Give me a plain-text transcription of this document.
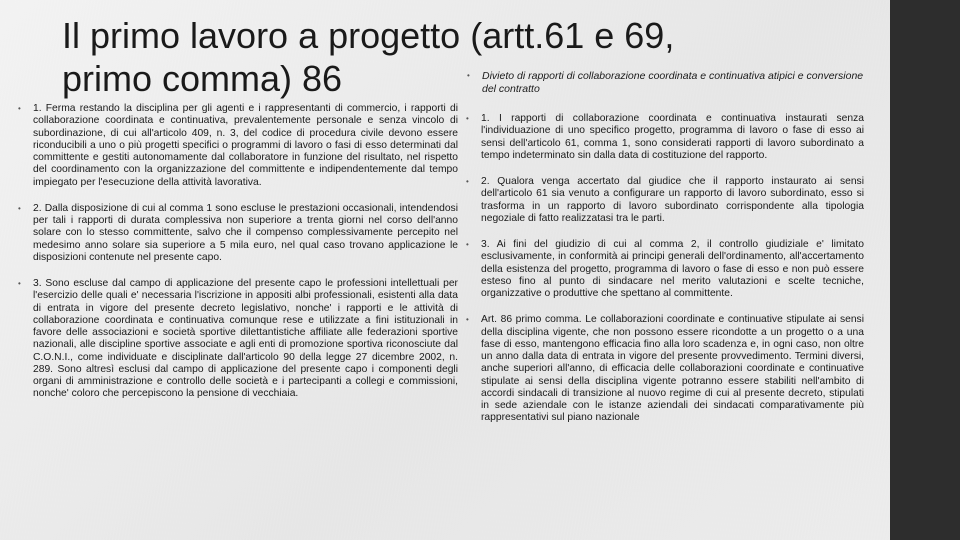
Il primo lavoro a progetto (artt.61 e 69,
primo comma) 86
•	Divieto di rapporti di collaborazione coordinata e continuativa atipici e conversione del contratto
• 1. Ferma restando la disciplina per gli agenti e i rappresentanti di commercio, i rapporti di collaborazione coordinata e continuativa, prevalentemente personale e senza vincolo di subordinazione, di cui all'articolo 409, n. 3, del codice di procedura civile devono essere riconducibili a uno o più progetti specifici o programmi di lavoro o fasi di esso determinati dal committente e gestiti autonomamente dal collaboratore in funzione del risultato, nel rispetto del coordinamento con la organizzazione del committente e indipendentemente dal tempo impiegato per l'esecuzione della attività lavorativa.
• 2. Dalla disposizione di cui al comma 1 sono escluse le prestazioni occasionali, intendendosi per tali i rapporti di durata complessiva non superiore a trenta giorni nel corso dell'anno solare con lo stesso committente, salvo che il compenso complessivamente percepito nel medesimo anno solare sia superiore a 5 mila euro, nel qual caso trovano applicazione le disposizioni contenute nel presente capo.
• 3. Sono escluse dal campo di applicazione del presente capo le professioni intellettuali per l'esercizio delle quali e' necessaria l'iscrizione in appositi albi professionali, esistenti alla data di entrata in vigore del presente decreto legislativo, nonche' i rapporti e le attività di collaborazione coordinata e continuativa comunque rese e utilizzate a fini istituzionali in favore delle associazioni e società sportive dilettantistiche affiliate alle federazioni sportive nazionali, alle discipline sportive associate e agli enti di promozione sportiva riconosciute dal C.O.N.I., come individuate e disciplinate dall'articolo 90 della legge 27 dicembre 2002, n. 289. Sono altresì esclusi dal campo di applicazione del presente capo i componenti degli organi di amministrazione e controllo delle società e i partecipanti a collegi e commissioni, nonche' coloro che percepiscono la pensione di vecchiaia.
• 1. I rapporti di collaborazione coordinata e continuativa instaurati senza l'individuazione di uno specifico progetto, programma di lavoro o fase di esso ai sensi dell'articolo 61, comma 1, sono considerati rapporti di lavoro subordinato a tempo indeterminato sin dalla data di costituzione del rapporto.
• 2. Qualora venga accertato dal giudice che il rapporto instaurato ai sensi dell'articolo 61 sia venuto a configurare un rapporto di lavoro subordinato, esso si trasforma in un rapporto di lavoro subordinato corrispondente alla tipologia negoziale di fatto realizzatasi tra le parti.
• 3. Ai fini del giudizio di cui al comma 2, il controllo giudiziale e' limitato esclusivamente, in conformità ai principi generali dell'ordinamento, all'accertamento della esistenza del progetto, programma di lavoro o fase di esso e non può essere esteso fino al punto di sindacare nel merito valutazioni e scelte tecniche, organizzative o produttive che spettano al committente.
• Art. 86 primo comma. Le collaborazioni coordinate e continuative stipulate ai sensi della disciplina vigente, che non possono essere ricondotte a un progetto o a una fase di esso, mantengono efficacia fino alla loro scadenza e, in ogni caso, non oltre un anno dalla data di entrata in vigore del presente provvedimento. Termini diversi, anche superiori all'anno, di efficacia delle collaborazioni coordinate e continuative stipulate ai sensi della disciplina vigente potranno essere stabiliti nell'ambito di accordi sindacali di transizione al nuovo regime di cui al presente decreto, stipulati in sede aziendale con le istanze aziendali dei sindacati comparativamente più rappresentativi sul piano nazionale
